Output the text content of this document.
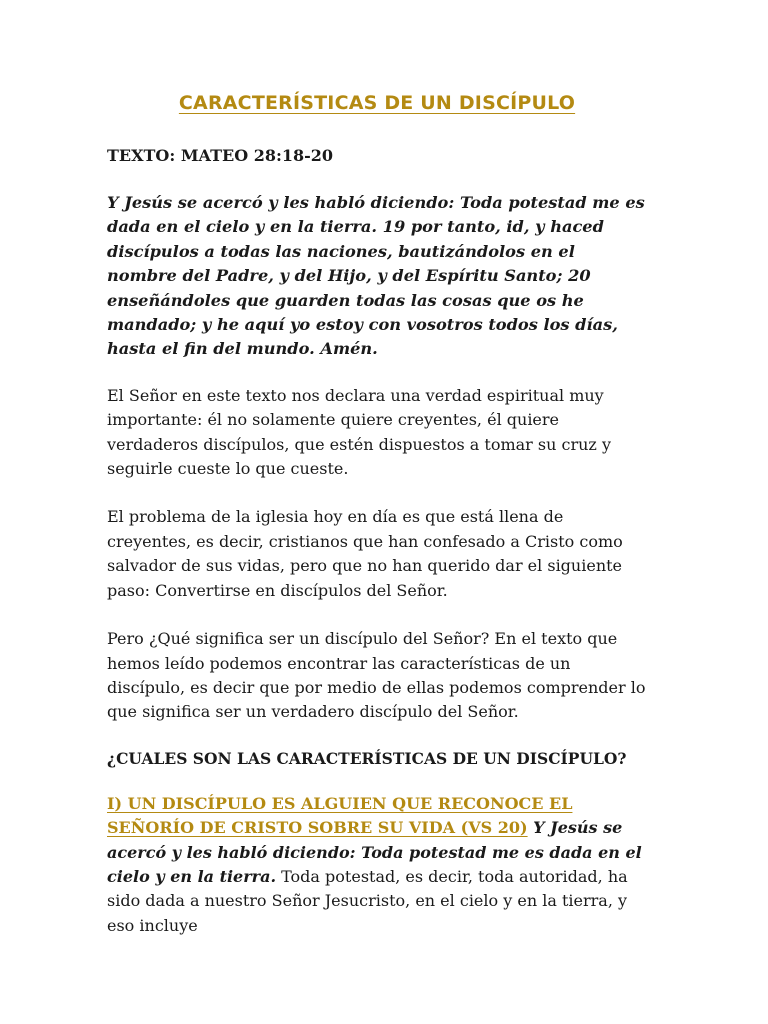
CARACTERÍSTICAS DE UN DISCÍPULO

TEXTO: MATEO 28:18-20

Y Jesús se acercó y les habló diciendo: Toda potestad me es dada en el cielo y en la tierra. 19 por tanto, id, y haced discípulos a todas las naciones, bautizándolos en el nombre del Padre, y del Hijo, y del Espíritu Santo; 20 enseñándoles que guarden todas las cosas que os he mandado; y he aquí yo estoy con vosotros todos los días, hasta el fin del mundo. Amén.

El Señor en este texto nos declara una verdad espiritual muy importante: él no solamente quiere creyentes, él quiere verdaderos discípulos, que estén dispuestos a tomar su cruz y seguirle cueste lo que cueste.

El problema de la iglesia hoy en día es que está llena de creyentes, es decir, cristianos que han confesado a Cristo como salvador de sus vidas, pero que no han querido dar el siguiente paso: Convertirse en discípulos del Señor.

Pero ¿Qué significa ser un discípulo del Señor? En el texto que hemos leído podemos encontrar las características de un discípulo, es decir que por medio de ellas podemos comprender lo que significa ser un verdadero discípulo del Señor.

¿CUALES SON LAS CARACTERÍSTICAS DE UN DISCÍPULO?

I) UN DISCÍPULO ES ALGUIEN QUE RECONOCE EL SEÑORÍO DE CRISTO SOBRE SU VIDA (VS 20) Y Jesús se acercó y les habló diciendo: Toda potestad me es dada en el cielo y en la tierra. Toda potestad, es decir, toda autoridad, ha sido dada a nuestro Señor Jesucristo, en el cielo y en la tierra, y eso incluye
